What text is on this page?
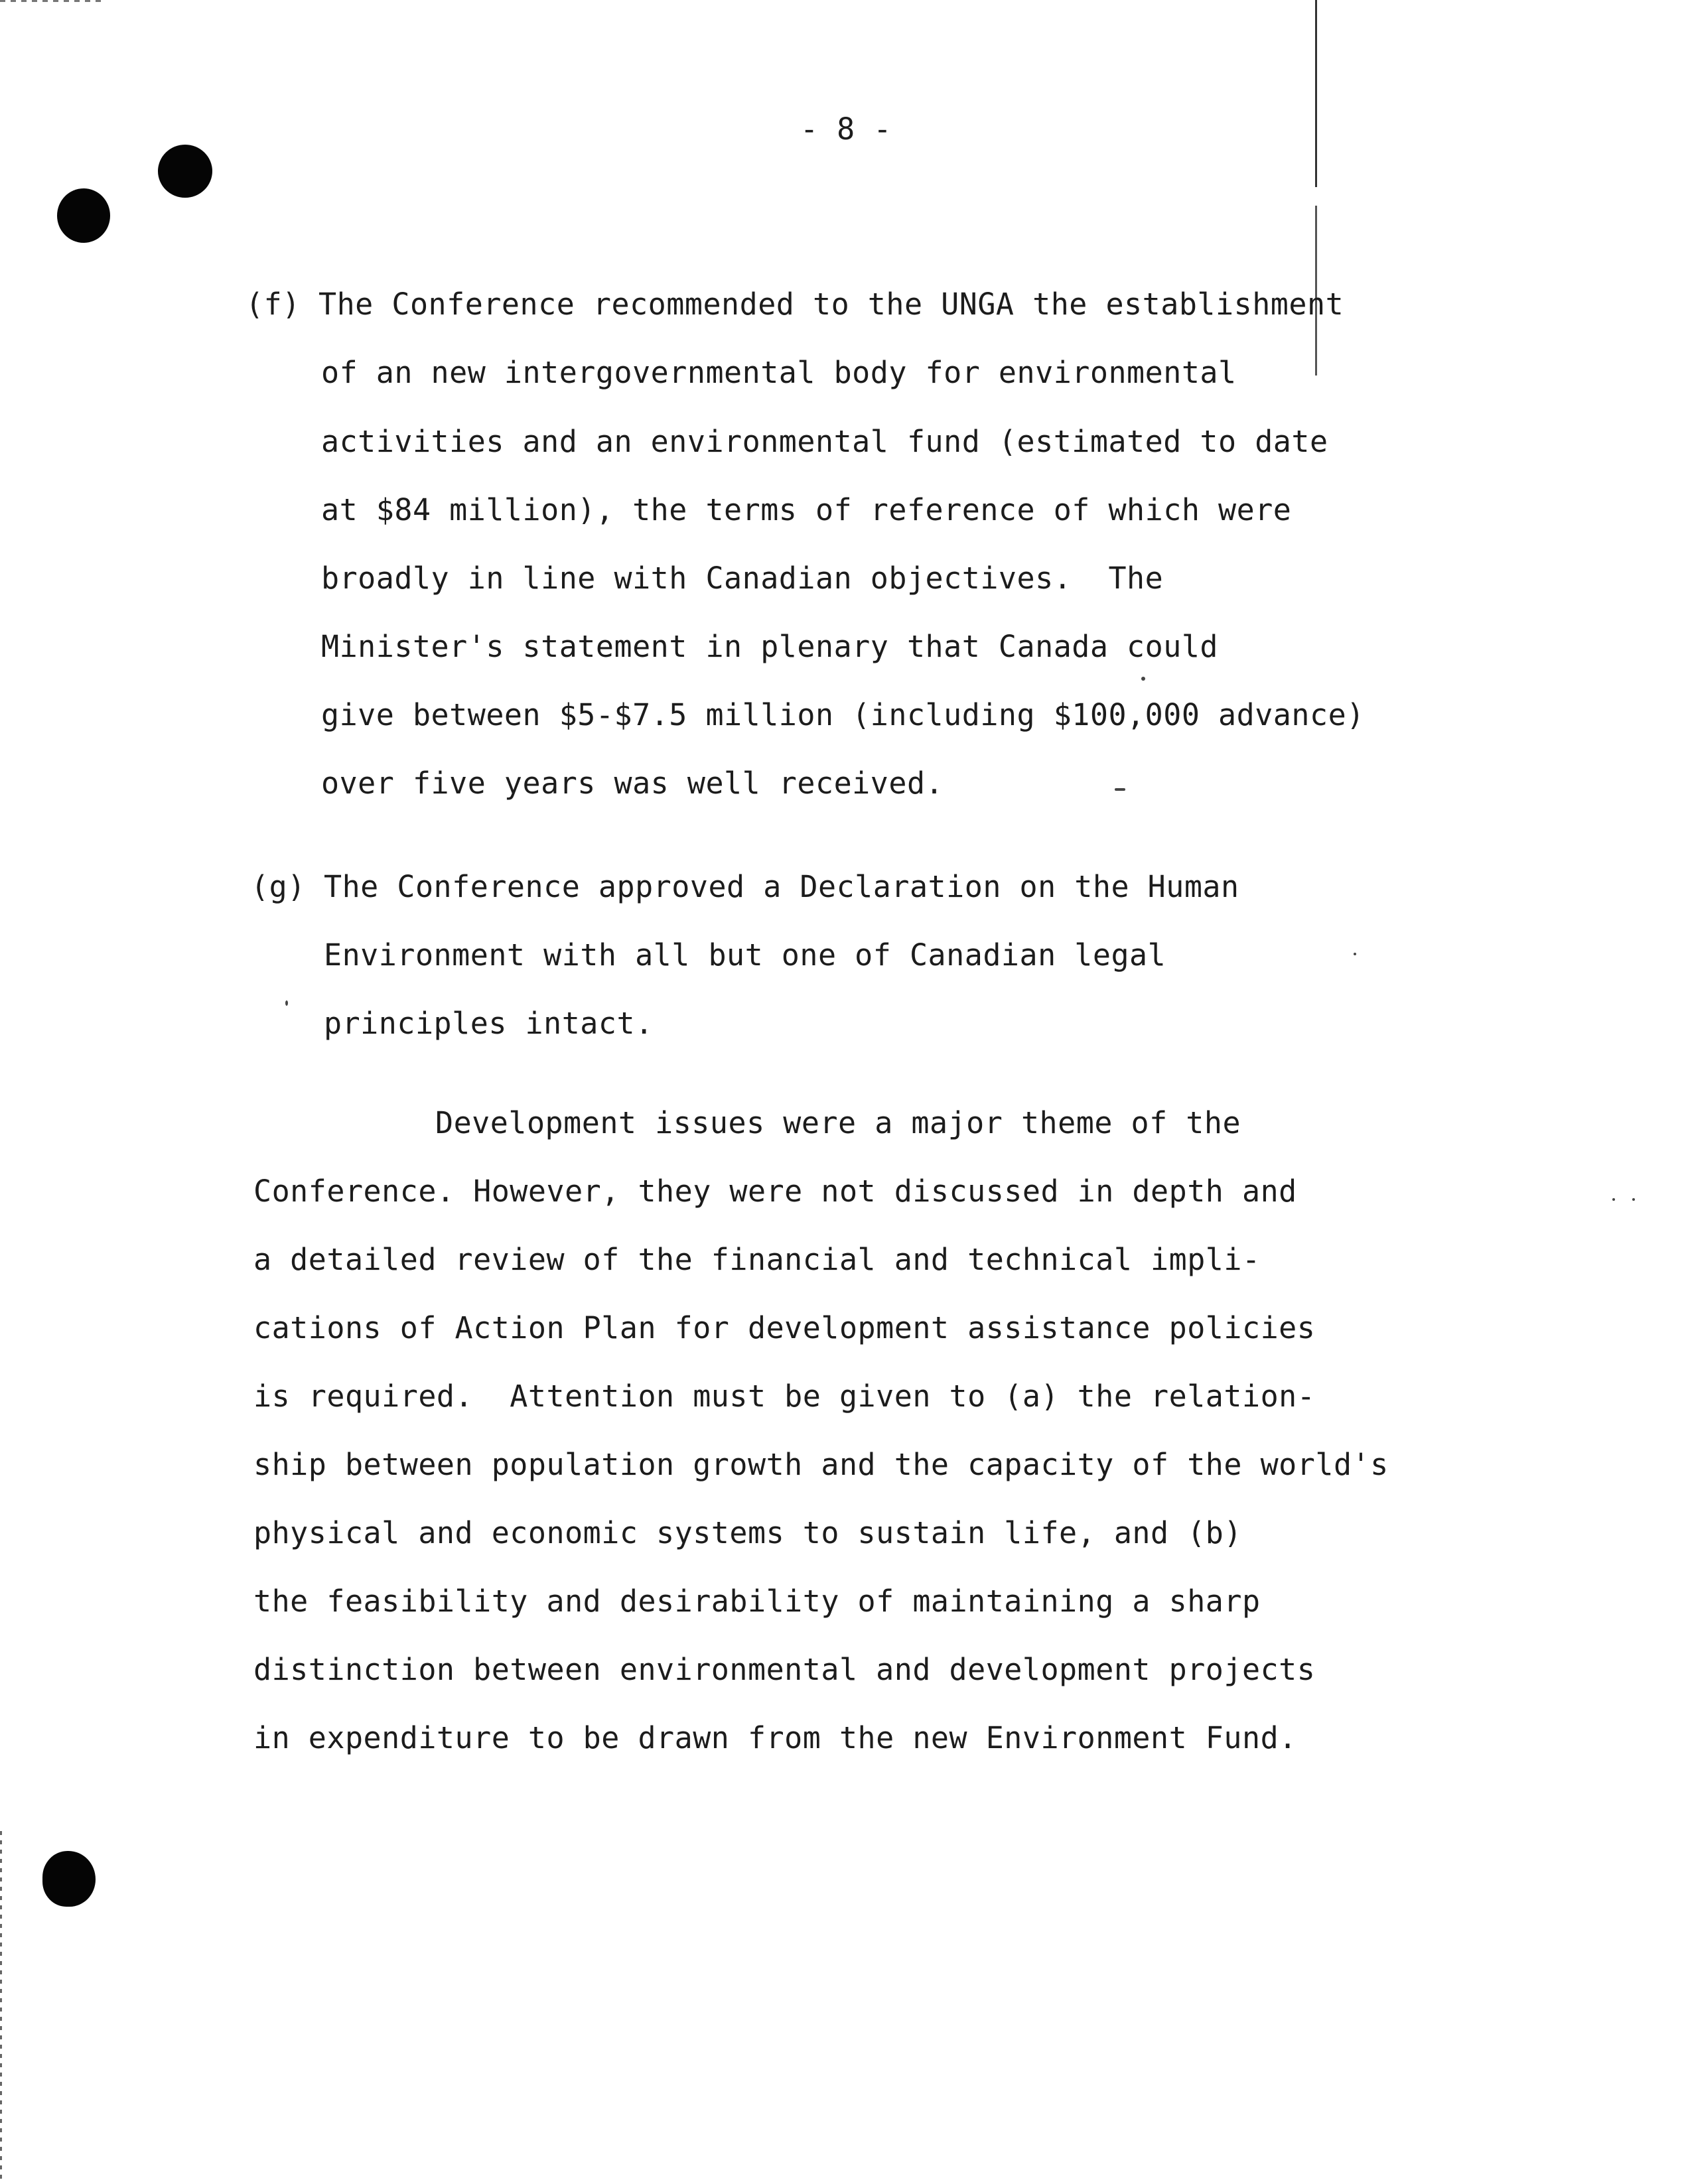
- 8 -
(f) The Conference recommended to the UNGA the establishment
of an new intergovernmental body for environmental
activities and an environmental fund (estimated to date
at $84 million), the terms of reference of which were
broadly in line with Canadian objectives.  The
Minister's statement in plenary that Canada could
give between $5-$7.5 million (including $100,000 advance)
over five years was well received.
(g) The Conference approved a Declaration on the Human
Environment with all but one of Canadian legal
principles intact.
Development issues were a major theme of the
Conference. However, they were not discussed in depth and
a detailed review of the financial and technical impli-
cations of Action Plan for development assistance policies
is required.  Attention must be given to (a) the relation-
ship between population growth and the capacity of the world's
physical and economic systems to sustain life, and (b)
the feasibility and desirability of maintaining a sharp
distinction between environmental and development projects
in expenditure to be drawn from the new Environment Fund.
